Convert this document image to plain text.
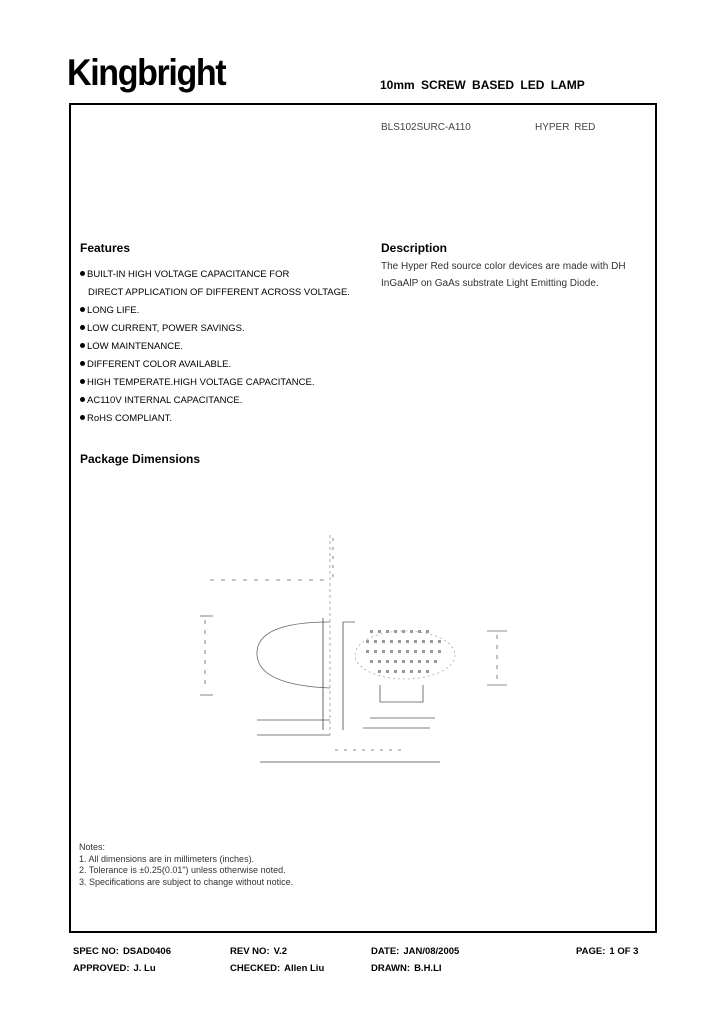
Kingbright	10mm SCREW BASED LED LAMP
BLS102SURC-A110	HYPER RED
Features
BUILT-IN HIGH VOLTAGE CAPACITANCE FOR
DIRECT APPLICATION OF DIFFERENT ACROSS VOLTAGE.
LONG LIFE.
LOW CURRENT, POWER SAVINGS.
LOW MAINTENANCE.
DIFFERENT COLOR AVAILABLE.
HIGH TEMPERATE.HIGH VOLTAGE CAPACITANCE.
AC110V INTERNAL CAPACITANCE.
RoHS COMPLIANT.
Description
The Hyper Red source color devices are made with DH InGaAlP on GaAs substrate Light Emitting Diode.
Package Dimensions
Notes:
1. All dimensions are in millimeters (inches).
2. Tolerance is ±0.25(0.01") unless otherwise noted.
3. Specifications are subject to change without notice.
SPEC NO: DSAD0406	REV NO: V.2	DATE: JAN/08/2005	PAGE: 1 OF 3
APPROVED: J. Lu	CHECKED: Allen Liu	DRAWN: B.H.LI
